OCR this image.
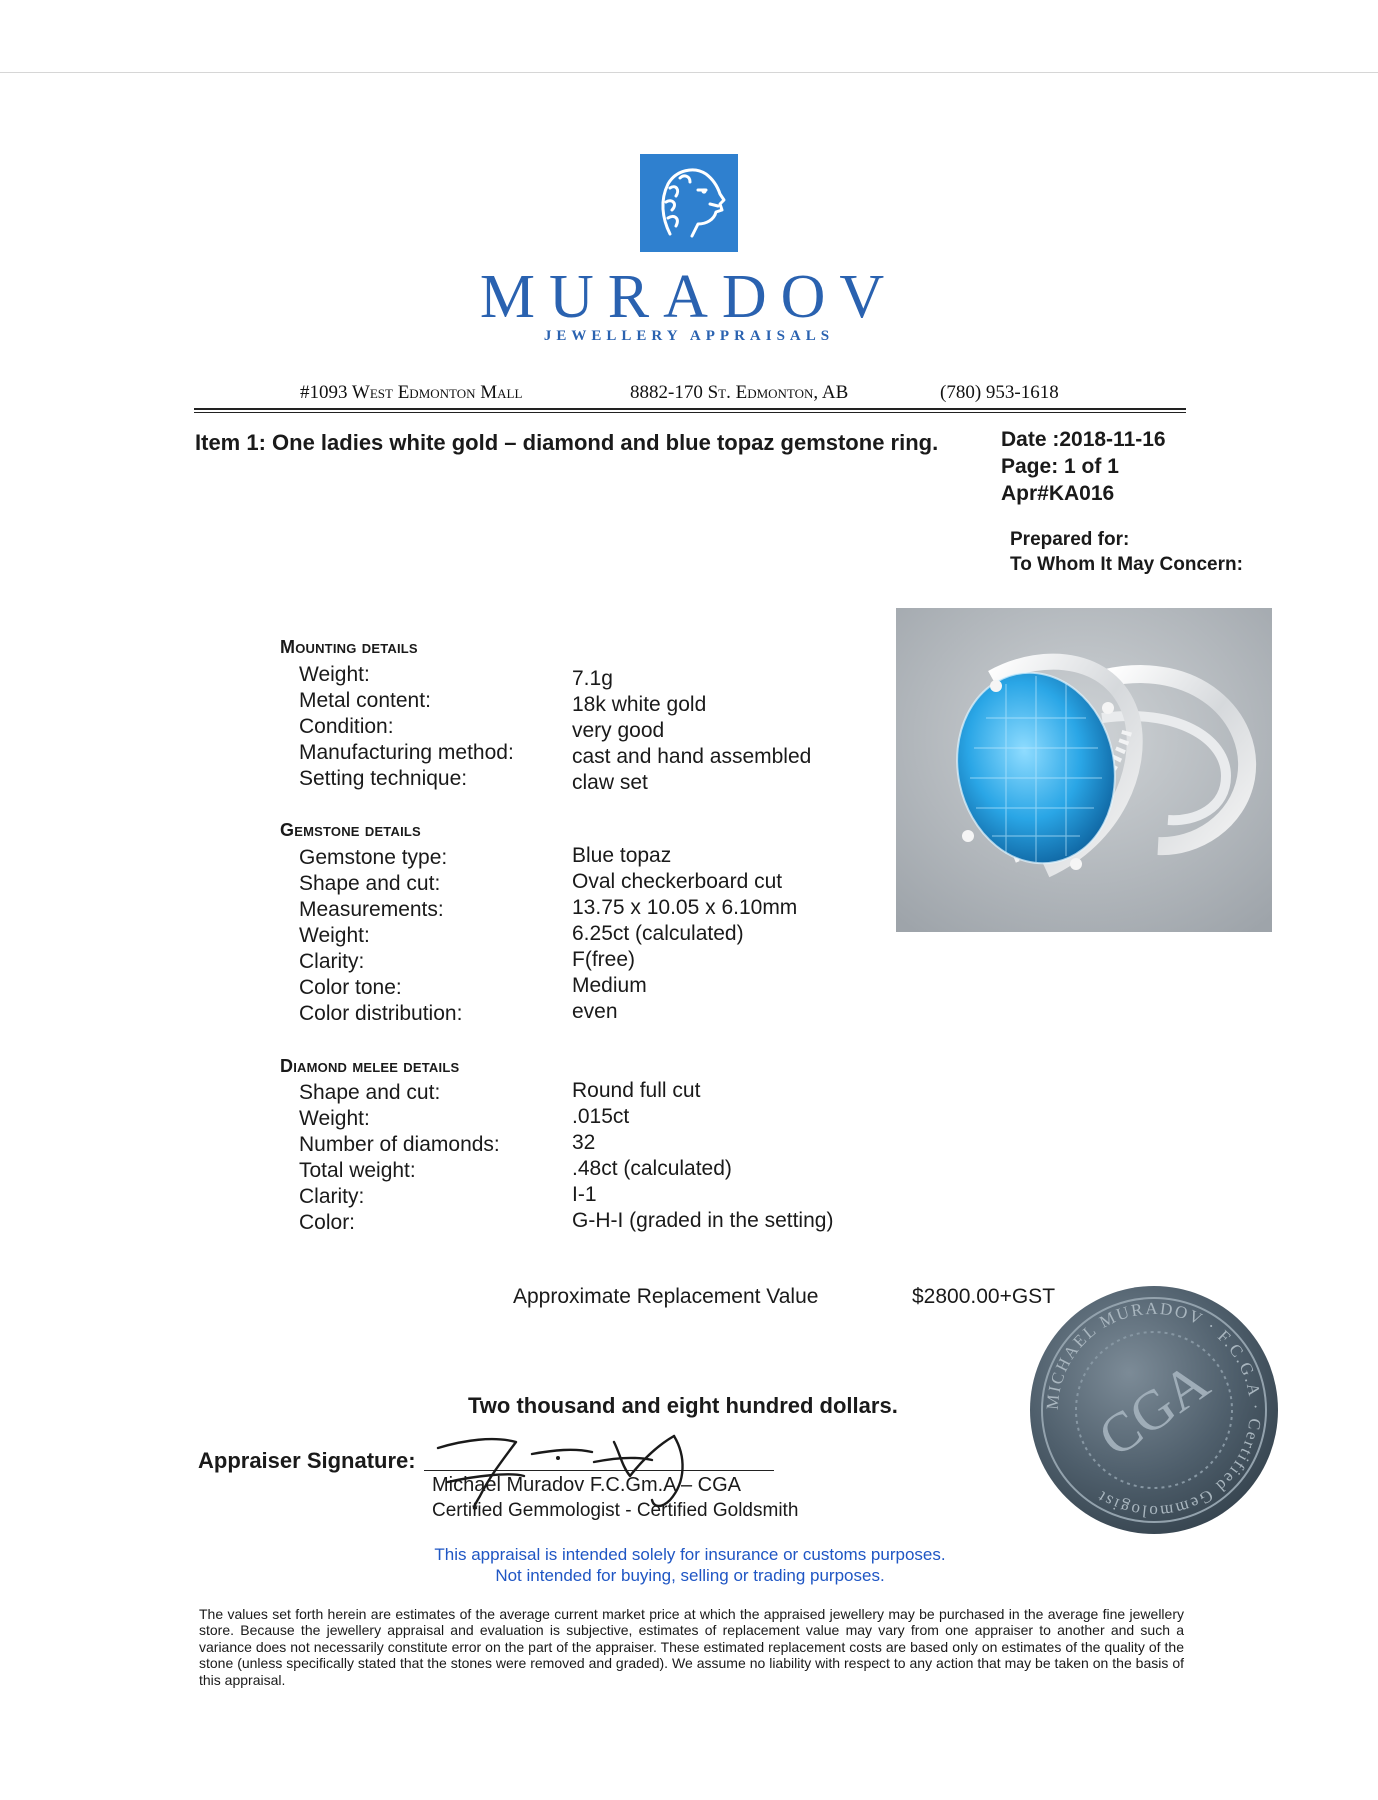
MURADOV
JEWELLERY APPRAISALS
#1093 West Edmonton Mall	8882-170 St. Edmonton, AB	(780) 953-1618
Item 1: One ladies white gold – diamond and blue topaz gemstone ring.	Date :2018-11-16
Page: 1 of 1
Apr#KA016
Prepared for:
To Whom It May Concern:
Mounting details
Weight:	7.1g
Metal content:	18k white gold
Condition:	very good
Manufacturing method:	cast and hand assembled
Setting technique:	claw set
Gemstone details
Gemstone type:	Blue topaz
Shape and cut:	Oval checkerboard cut
Measurements:	13.75 x 10.05 x 6.10mm
Weight:	6.25ct (calculated)
Clarity:	F(free)
Color tone:	Medium
Color distribution:	even
Diamond melee details
Shape and cut:	Round full cut
Weight:	.015ct
Number of diamonds:	32
Total weight:	.48ct (calculated)
Clarity:	I-1
Color:	G-H-I (graded in the setting)
Approximate Replacement Value	$2800.00+GST
MICHAEL MURADOV · F.C.G.A · Certified Gemmologist
CGA
Two thousand and eight hundred dollars.
Appraiser Signature:
Michael Muradov F.C.Gm.A – CGA
Certified Gemmologist - Certified Goldsmith
This appraisal is intended solely for insurance or customs purposes.
Not intended for buying, selling or trading purposes.
The values set forth herein are estimates of the average current market price at which the appraised jewellery may be purchased in the average fine jewellery store. Because the jewellery appraisal and evaluation is subjective, estimates of replacement value may vary from one appraiser to another and such a variance does not necessarily constitute error on the part of the appraiser. These estimated replacement costs are based only on estimates of the quality of the stone (unless specifically stated that the stones were removed and graded). We assume no liability with respect to any action that may be taken on the basis of this appraisal.
